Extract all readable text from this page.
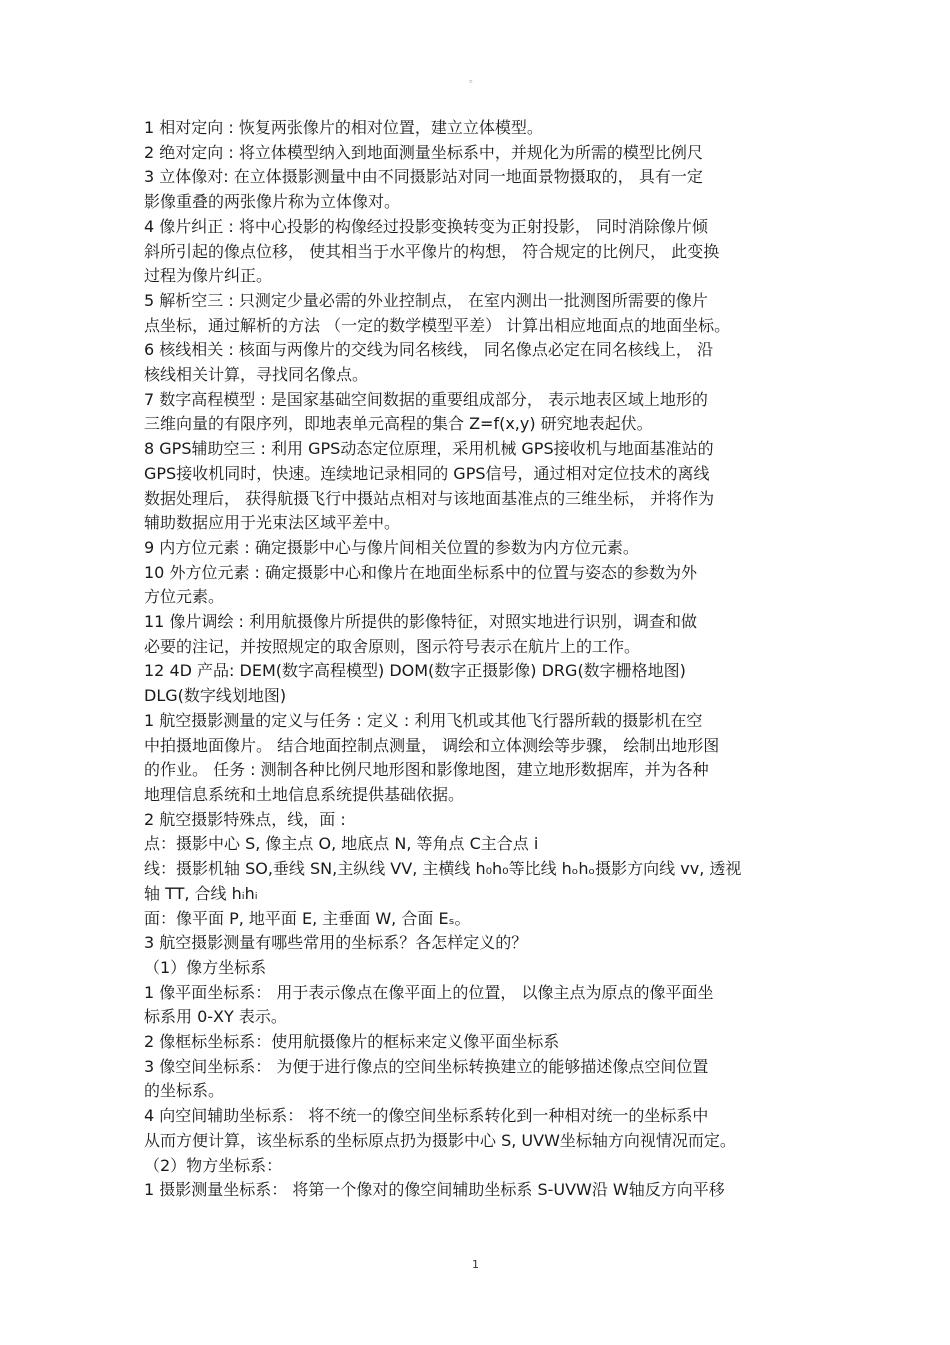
。
1 相对定向 : 恢复两张像片的相对位置，建立立体模型。
2 绝对定向 : 将立体模型纳入到地面测量坐标系中，并规化为所需的模型比例尺
3 立体像对: 在立体摄影测量中由不同摄影站对同一地面景物摄取的， 具有一定
影像重叠的两张像片称为立体像对。
4 像片纠正 : 将中心投影的构像经过投影变换转变为正射投影， 同时消除像片倾
斜所引起的像点位移， 使其相当于水平像片的构想， 符合规定的比例尺， 此变换
过程为像片纠正。
5 解析空三 : 只测定少量必需的外业控制点， 在室内测出一批测图所需要的像片
点坐标，通过解析的方法 （一定的数学模型平差） 计算出相应地面点的地面坐标。
6 核线相关 : 核面与两像片的交线为同名核线， 同名像点必定在同名核线上， 沿
核线相关计算，寻找同名像点。
7 数字高程模型 : 是国家基础空间数据的重要组成部分， 表示地表区域上地形的
三维向量的有限序列，即地表单元高程的集合 Z=f(x,y) 研究地表起伏。
8 GPS辅助空三 : 利用 GPS动态定位原理，采用机械 GPS接收机与地面基准站的
GPS接收机同时，快速。连续地记录相同的 GPS信号，通过相对定位技术的离线
数据处理后， 获得航摄飞行中摄站点相对与该地面基准点的三维坐标， 并将作为
辅助数据应用于光束法区域平差中。
9 内方位元素 : 确定摄影中心与像片间相关位置的参数为内方位元素。
10 外方位元素 : 确定摄影中心和像片在地面坐标系中的位置与姿态的参数为外
方位元素。
11 像片调绘 : 利用航摄像片所提供的影像特征，对照实地进行识别，调查和做
必要的注记，并按照规定的取舍原则，图示符号表示在航片上的工作。
12 4D 产品: DEM(数字高程模型) DOM(数字正摄影像) DRG(数字栅格地图)
DLG(数字线划地图)
1 航空摄影测量的定义与任务 : 定义 : 利用飞机或其他飞行器所载的摄影机在空
中拍摄地面像片。 结合地面控制点测量， 调绘和立体测绘等步骤， 绘制出地形图
的作业。 任务 : 测制各种比例尺地形图和影像地图，建立地形数据库，并为各种
地理信息系统和土地信息系统提供基础依据。
2 航空摄影特殊点，线，面 :
点：摄影中心 S, 像主点 O, 地底点 N, 等角点 C主合点 i
线：摄影机轴 SO,垂线 SN,主纵线 VV, 主横线 h₀h₀等比线 hₒhₒ摄影方向线 vv, 透视
轴 TT, 合线 hᵢhᵢ
面：像平面 P, 地平面 E, 主垂面 W, 合面 Eₛ。
3 航空摄影测量有哪些常用的坐标系？各怎样定义的？
（1）像方坐标系
1 像平面坐标系： 用于表示像点在像平面上的位置， 以像主点为原点的像平面坐
标系用 0-XY 表示。
2 像框标坐标系：使用航摄像片的框标来定义像平面坐标系
3 像空间坐标系： 为便于进行像点的空间坐标转换建立的能够描述像点空间位置
的坐标系。
4 向空间辅助坐标系： 将不统一的像空间坐标系转化到一种相对统一的坐标系中
从而方便计算，该坐标系的坐标原点扔为摄影中心 S, UVW坐标轴方向视情况而定。
（2）物方坐标系：
1 摄影测量坐标系： 将第一个像对的像空间辅助坐标系 S-UVW沿 W轴反方向平移
1
